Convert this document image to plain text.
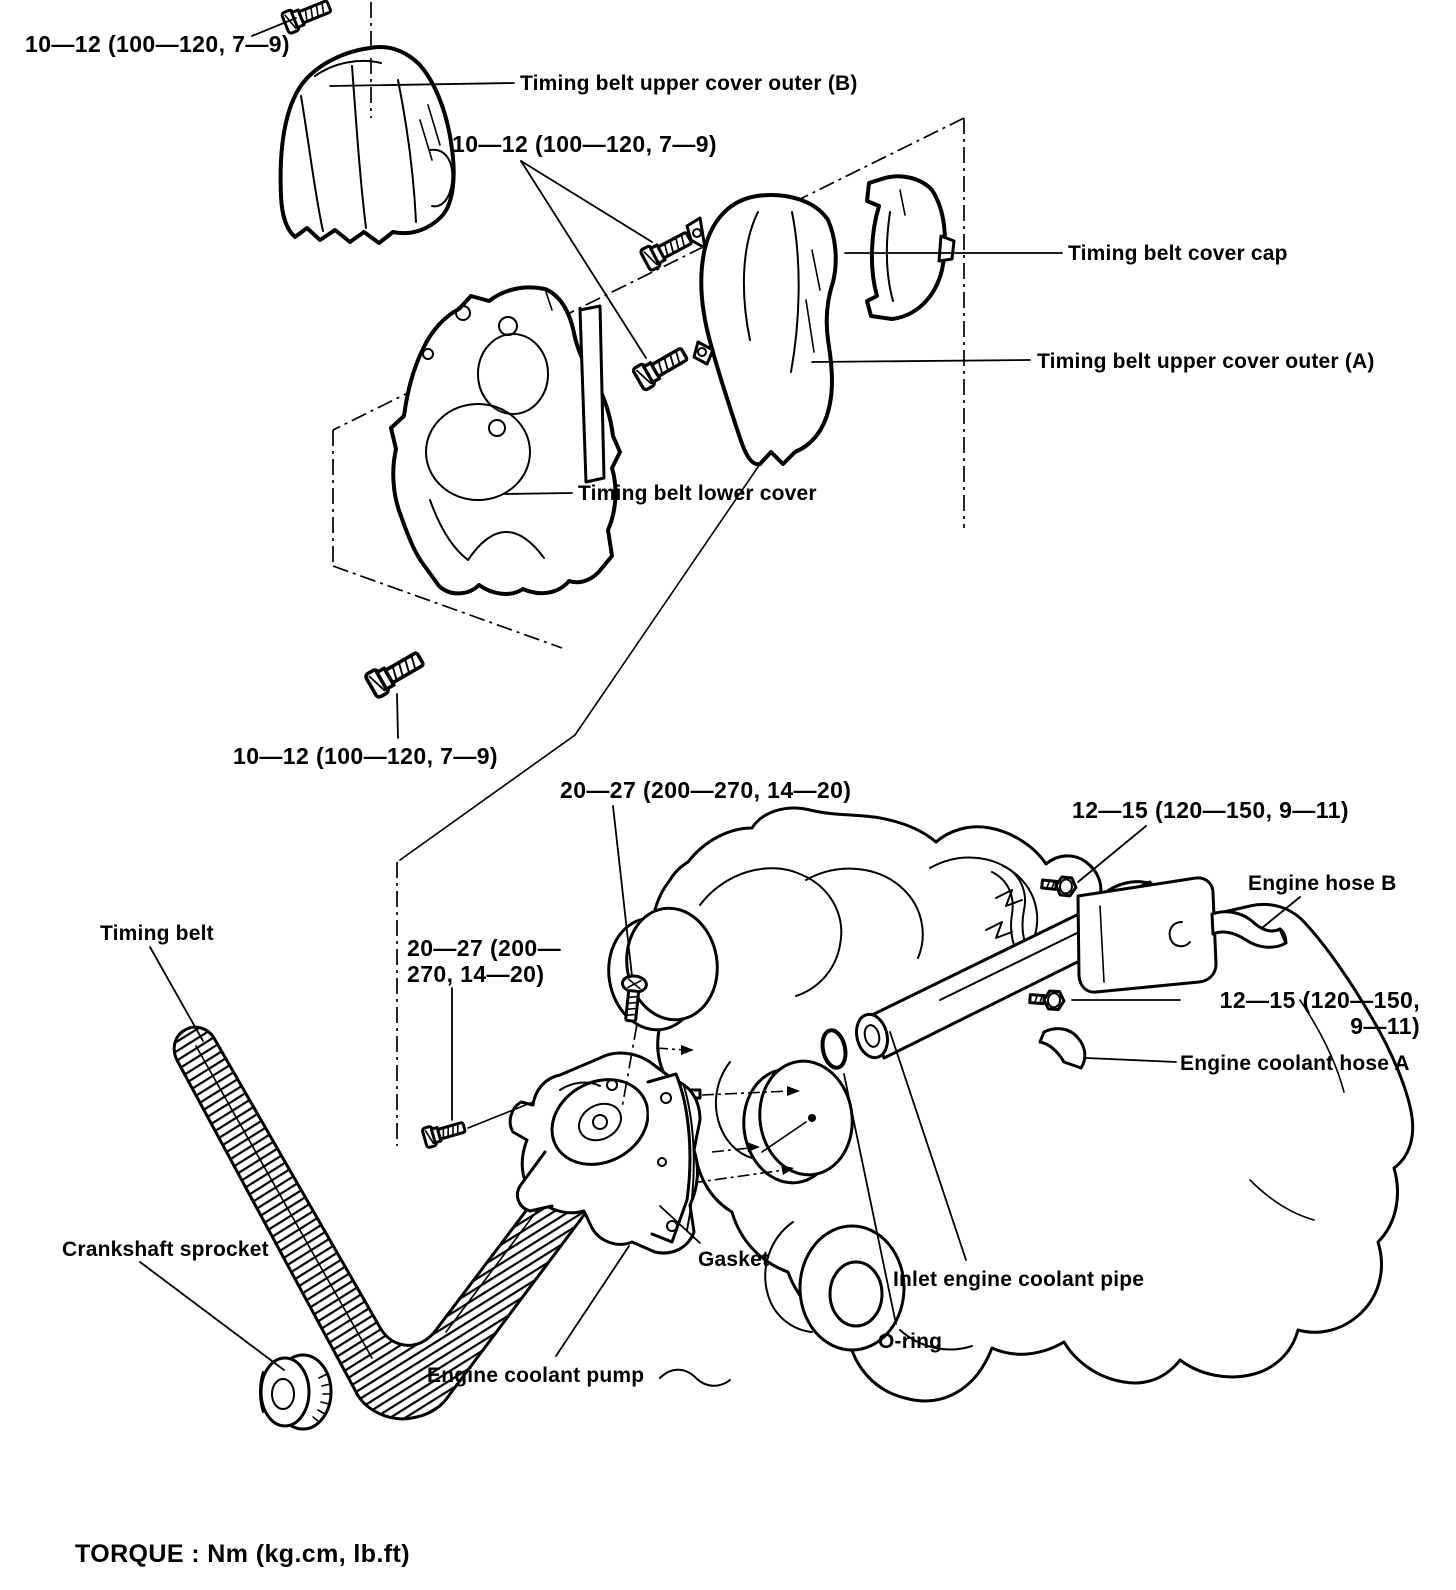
10—12 (100—120, 7—9)
Timing belt upper cover outer (B)
10—12 (100—120, 7—9)
Timing belt cover cap
Timing belt upper cover outer (A)
Timing belt lower cover
10—12 (100—120, 7—9)
20—27 (200—270, 14—20)
12—15 (120—150, 9—11)
Engine hose B
Timing belt
20—27 (200—
270, 14—20)
12—15 (120—150,
9—11)
Engine coolant hose A
Crankshaft sprocket	Gasket
Inlet engine coolant pipe
O-ring
Engine coolant pump
TORQUE : Nm (kg.cm, lb.ft)
